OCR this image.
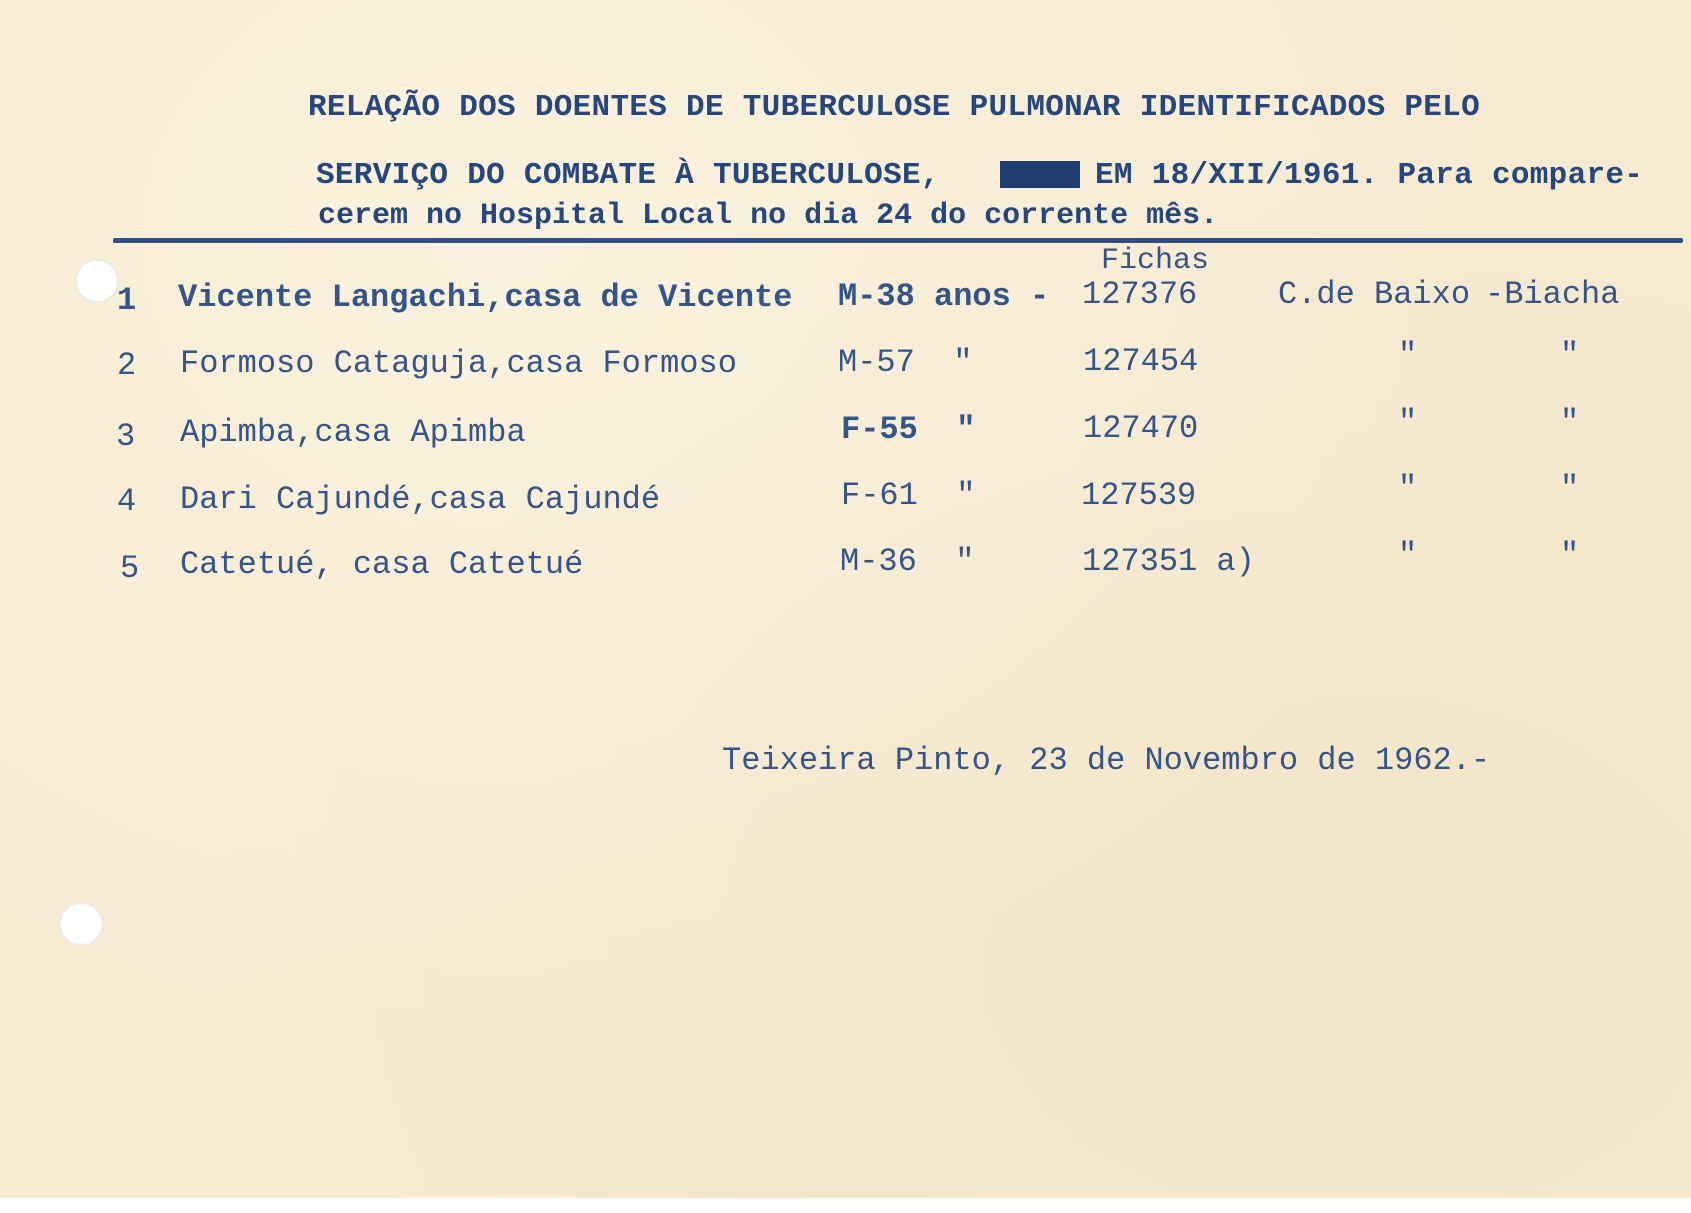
RELAÇÃO DOS DOENTES DE TUBERCULOSE PULMONAR IDENTIFICADOS PELO
SERVIÇO DO COMBATE À TUBERCULOSE,	EM 18/XII/1961. Para compare-
cerem no Hospital Local no dia 24 do corrente mês.
Fichas
1 Vicente Langachi,casa de Vicente M-38 anos - 127376	C.de Baixo -Biacha
2 Formoso Cataguja,casa Formoso	M-57  "	127454	"	"
3 Apimba,casa Apimba	F-55  "	127470	"	"
4 Dari Cajundé,casa Cajundé	F-61  "	127539	"	"
5 Catetué, casa Catetué	M-36  "	127351 a)	"	"
Teixeira Pinto, 23 de Novembro de 1962.-
